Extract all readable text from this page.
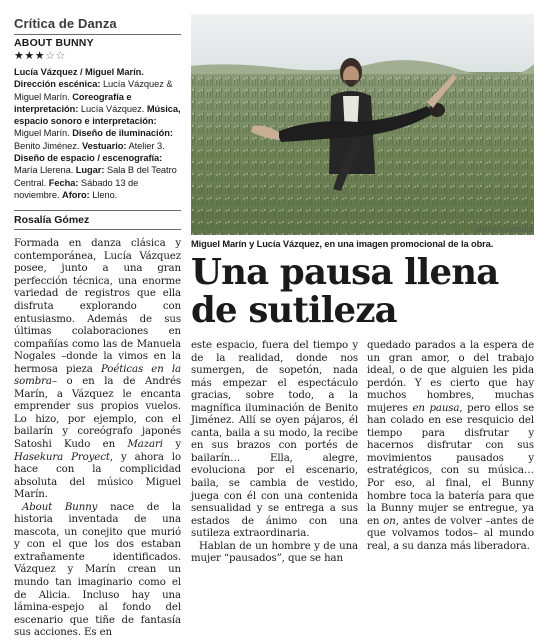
Crítica de Danza
ABOUT BUNNY
★★★☆☆
Lucía Vázquez / Miguel Marín. Dirección escénica: Lucía Vázquez & Miguel Marín. Coreografía e interpretación: Lucía Vázquez. Música, espacio sonoro e interpretación: Miguel Marín. Diseño de iluminación: Benito Jiménez. Vestuario: Atelier 3. Diseño de espacio / escenografía: María Llerena. Lugar: Sala B del Teatro Central. Fecha: Sábado 13 de noviembre. Aforo: Lleno.
Rosalía Gómez

Formada en danza clásica y contemporánea, Lucía Vázquez posee, junto a una gran perfección técnica, una enorme variedad de registros que ella disfruta explorando con entusiasmo. Además de sus últimas colaboraciones en compañías como las de Manuela Nogales –donde la vimos en la hermosa pieza Poéticas en la sombra– o en la de Andrés Marín, a Vázquez le encanta emprender sus propios vuelos. Lo hizo, por ejemplo, con el bailarín y coreógrafo japonés Satoshi Kudo en Mazari y Hasekura Proyect, y ahora lo hace con la complicidad absoluta del músico Miguel Marín.

About Bunny nace de la historia inventada de una mascota, un conejito que murió y con el que los dos estaban extrañamente identificados. Vázquez y Marín crean un mundo tan imaginario como el de Alicia. Incluso hay una lámina-espejo al fondo del escenario que tiñe de fantasía sus acciones. Es en

JESÚS VÁZQUEZ
Miguel Marín y Lucía Vázquez, en una imagen promocional de la obra.
Una pausa llena
de sutileza

este espacio, fuera del tiempo y de la realidad, donde nos sumergen, de sopetón, nada más empezar el espectáculo gracias, sobre todo, a la magnífica iluminación de Benito Jiménez. Allí se oyen pájaros, él canta, baila a su modo, la recibe en sus brazos con portés de bailarín… Ella, alegre, evoluciona por el escenario, baila, se cambia de vestido, juega con él con una contenida sensualidad y se entrega a sus estados de ánimo con una sutileza extraordinaria.

Hablan de un hombre y de una mujer “pausados”, que se han

quedado parados a la espera de un gran amor, o del trabajo ideal, o de que alguien les pida perdón. Y es cierto que hay muchos hombres, muchas mujeres en pausa, pero ellos se han colado en ese resquicio del tiempo para disfrutar y hacernos disfrutar con sus movimientos pausados y estratégicos, con su música… Por eso, al final, el Bunny hombre toca la batería para que la Bunny mujer se entregue, ya en on, antes de volver –antes de que volvamos todos– al mundo real, a su danza más liberadora.
